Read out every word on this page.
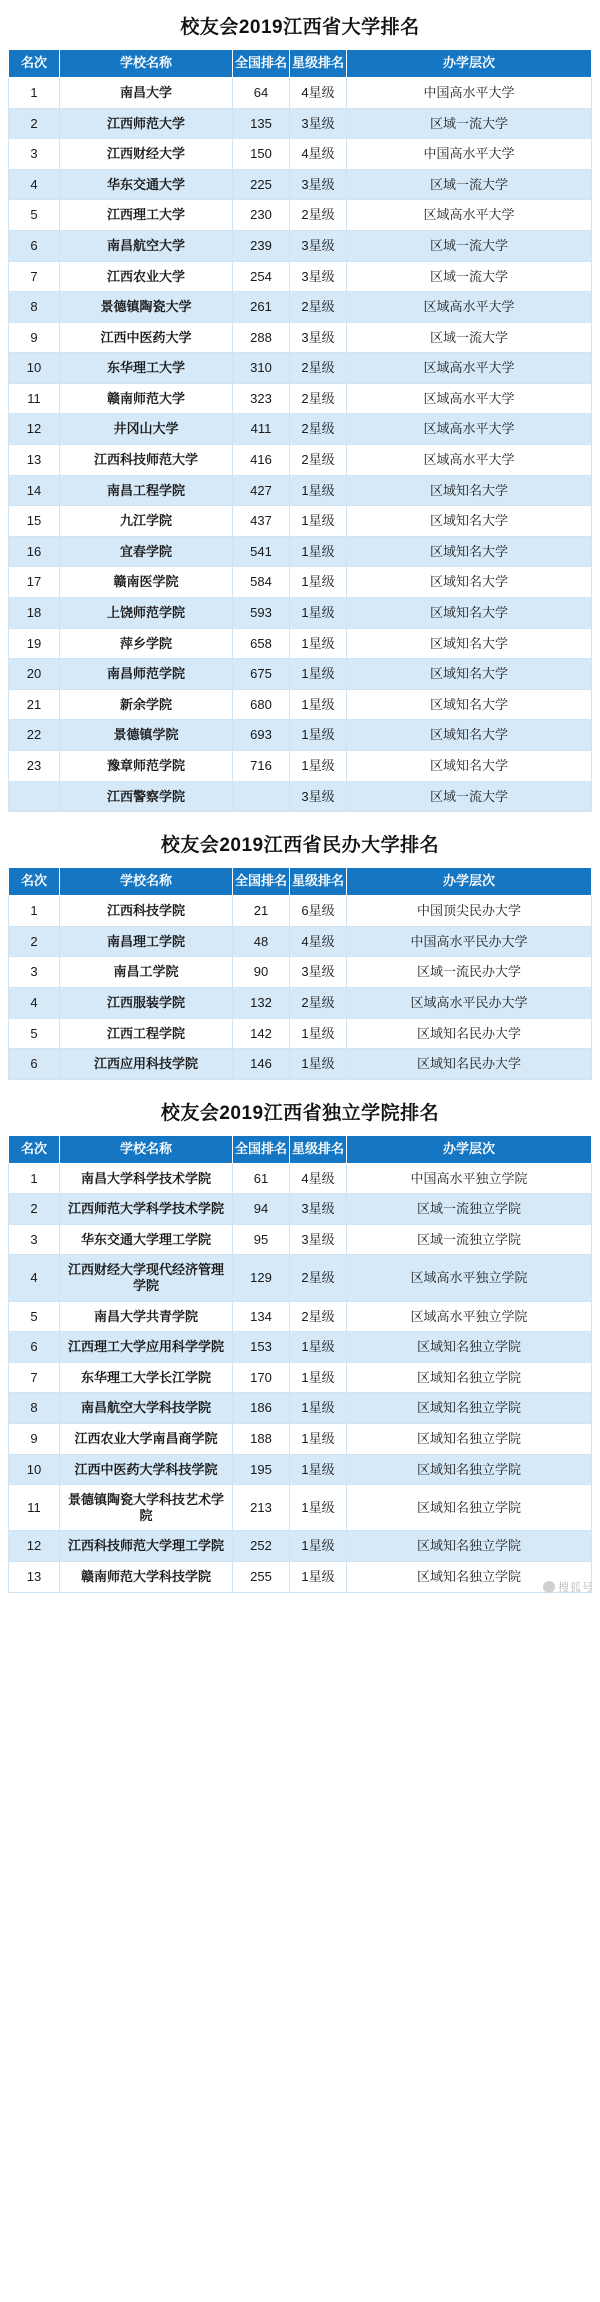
校友会2019江西省大学排名
名次	学校名称	全国排名	星级排名	办学层次
1	南昌大学	64	4星级	中国高水平大学
2	江西师范大学	135	3星级	区域一流大学
3	江西财经大学	150	4星级	中国高水平大学
4	华东交通大学	225	3星级	区域一流大学
5	江西理工大学	230	2星级	区域高水平大学
6	南昌航空大学	239	3星级	区域一流大学
7	江西农业大学	254	3星级	区域一流大学
8	景德镇陶瓷大学	261	2星级	区域高水平大学
9	江西中医药大学	288	3星级	区域一流大学
10	东华理工大学	310	2星级	区域高水平大学
11	赣南师范大学	323	2星级	区域高水平大学
12	井冈山大学	411	2星级	区域高水平大学
13	江西科技师范大学	416	2星级	区域高水平大学
14	南昌工程学院	427	1星级	区域知名大学
15	九江学院	437	1星级	区域知名大学
16	宜春学院	541	1星级	区域知名大学
17	赣南医学院	584	1星级	区域知名大学
18	上饶师范学院	593	1星级	区域知名大学
19	萍乡学院	658	1星级	区域知名大学
20	南昌师范学院	675	1星级	区域知名大学
21	新余学院	680	1星级	区域知名大学
22	景德镇学院	693	1星级	区域知名大学
23	豫章师范学院	716	1星级	区域知名大学
	江西警察学院		3星级	区域一流大学
校友会2019江西省民办大学排名
名次	学校名称	全国排名	星级排名	办学层次
1	江西科技学院	21	6星级	中国顶尖民办大学
2	南昌理工学院	48	4星级	中国高水平民办大学
3	南昌工学院	90	3星级	区域一流民办大学
4	江西服装学院	132	2星级	区域高水平民办大学
5	江西工程学院	142	1星级	区域知名民办大学
6	江西应用科技学院	146	1星级	区域知名民办大学
校友会2019江西省独立学院排名
名次	学校名称	全国排名	星级排名	办学层次
1	南昌大学科学技术学院	61	4星级	中国高水平独立学院
2	江西师范大学科学技术学院	94	3星级	区域一流独立学院
3	华东交通大学理工学院	95	3星级	区域一流独立学院
4	江西财经大学现代经济管理学院	129	2星级	区域高水平独立学院
5	南昌大学共青学院	134	2星级	区域高水平独立学院
6	江西理工大学应用科学学院	153	1星级	区域知名独立学院
7	东华理工大学长江学院	170	1星级	区域知名独立学院
8	南昌航空大学科技学院	186	1星级	区域知名独立学院
9	江西农业大学南昌商学院	188	1星级	区域知名独立学院
10	江西中医药大学科技学院	195	1星级	区域知名独立学院
11	景德镇陶瓷大学科技艺术学院	213	1星级	区域知名独立学院
12	江西科技师范大学理工学院	252	1星级	区域知名独立学院
13	赣南师范大学科技学院	255	1星级	区域知名独立学院
搜狐号
